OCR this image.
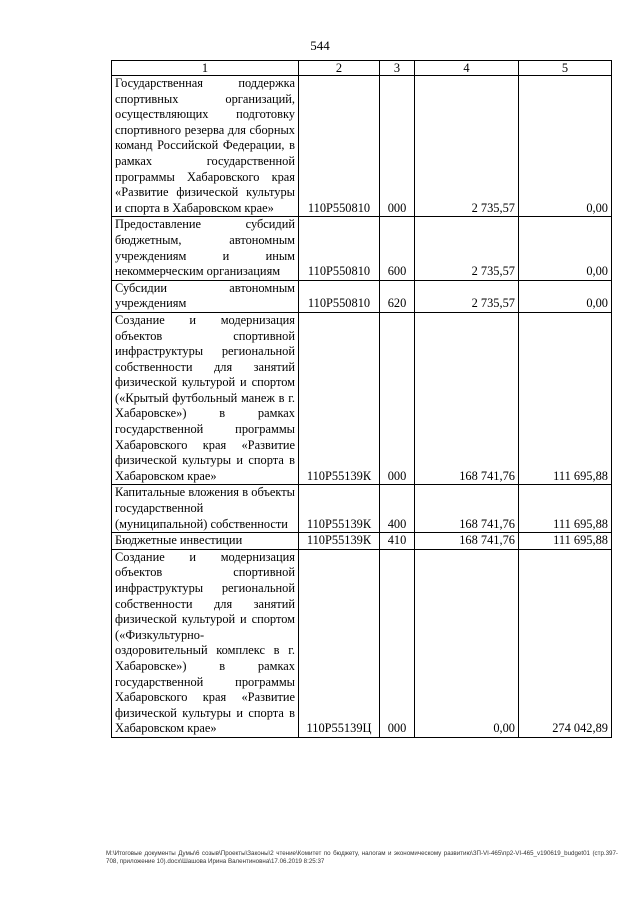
544
1	2	3	4	5
Государственная поддержка спортивных организаций, осуществляющих подготовку спортивного резерва для сборных команд Российской Федерации, в рамках государственной программы Хабаровского края «Развитие физической культуры и спорта в Хабаровском крае»	110Р550810	000	2 735,57	0,00
Предоставление субсидий бюджетным, автономным учреждениям и иным некоммерческим организациям	110Р550810	600	2 735,57	0,00
Субсидии автономным учреждениям	110Р550810	620	2 735,57	0,00
Создание и модернизация объектов спортивной инфраструктуры региональной собственности для занятий физической культурой и спортом («Крытый футбольный манеж в г. Хабаровске») в рамках государственной программы Хабаровского края «Развитие физической культуры и спорта в Хабаровском крае»	110Р55139К	000	168 741,76	111 695,88
Капитальные вложения в объекты государственной (муниципальной) собственности	110Р55139К	400	168 741,76	111 695,88
Бюджетные инвестиции	110Р55139К	410	168 741,76	111 695,88
Создание и модернизация объектов спортивной инфраструктуры региональной собственности для занятий физической культурой и спортом («Физкультурно-оздоровительный комплекс в г. Хабаровске») в рамках государственной программы Хабаровского края «Развитие физической культуры и спорта в Хабаровском крае»	110Р55139Ц	000	0,00	274 042,89
М:\Итоговые документы Думы\6 созыв\Проекты\Законы\2 чтение\Комитет по бюджету, налогам и экономическому развитию\ЗП-VI-465\пр2-VI-465_v190619_budget01 (стр.397-708, приложение 10).docx\Шашова Ирина Валентиновна\17.06.2019 8:25:37
